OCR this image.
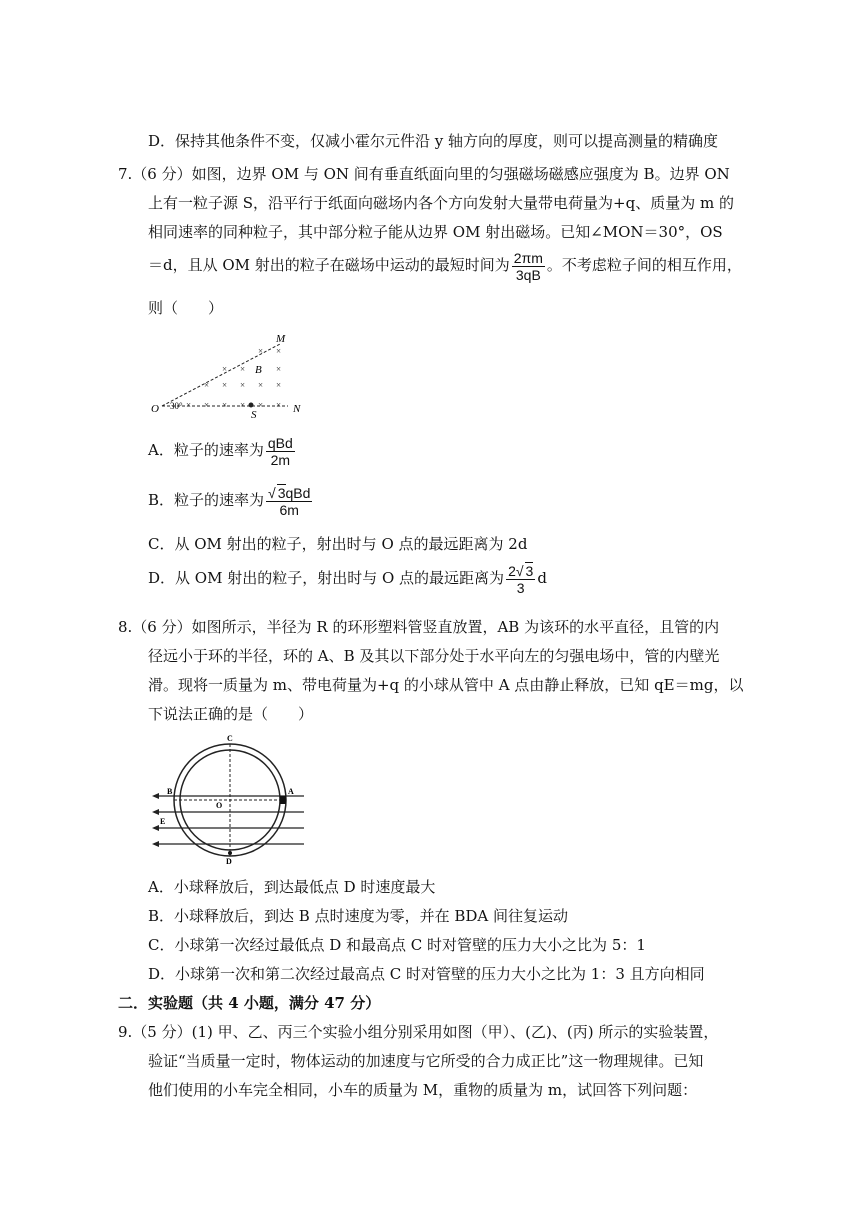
D．保持其他条件不变，仅减小霍尔元件沿 y 轴方向的厚度，则可以提高测量的精确度
7.（6 分）如图，边界 OM 与 ON 间有垂直纸面向里的匀强磁场磁感应强度为 B。边界 ON
上有一粒子源 S，沿平行于纸面向磁场内各个方向发射大量带电荷量为+q、质量为 m 的
相同速率的同种粒子，其中部分粒子能从边界 OM 射出磁场。已知∠MON＝30°，OS
＝d，且从 OM 射出的粒子在磁场中运动的最短时间为 $\frac{2\pi m}{3qB}$ 。不考虑粒子间的相互作用，
则（　　）
M
B
O	S	N
30°
× ×
× ×	×
× × × × ×
× × × × × ×
A．粒子的速率为 $\frac{\text{qBd}}{2m}$
B．粒子的速率为 $\frac{\text{√ 3qBd}}{6m}$
C．从 OM 射出的粒子，射出时与 O 点的最远距离为 2d
D．从 OM 射出的粒子，射出时与 O 点的最远距离为 $\frac{2√ 3}{3}$ d
8.（6 分）如图所示，半径为 R 的环形塑料管竖直放置，AB 为该环的水平直径，且管的内
径远小于环的半径，环的 A、B 及其以下部分处于水平向左的匀强电场中，管的内壁光
滑。现将一质量为 m、带电荷量为+q 的小球从管中 A 点由静止释放，已知 qE＝mg，以
下说法正确的是（　　）
C
B
O
A
E
D
A．小球释放后，到达最低点 D 时速度最大
B．小球释放后，到达 B 点时速度为零，并在 BDA 间往复运动
C．小球第一次经过最低点 D 和最高点 C 时对管壁的压力大小之比为 5：1
D．小球第一次和第二次经过最高点 C 时对管壁的压力大小之比为 1：3 且方向相同
二．实验题（共 4 小题，满分 47 分）
9.（5 分）(1) 甲、乙、丙三个实验小组分别采用如图（甲）、(乙)、(丙) 所示的实验装置，
验证“当质量一定时，物体运动的加速度与它所受的合力成正比”这一物理规律。已知
他们使用的小车完全相同，小车的质量为 M，重物的质量为 m，试回答下列问题：
